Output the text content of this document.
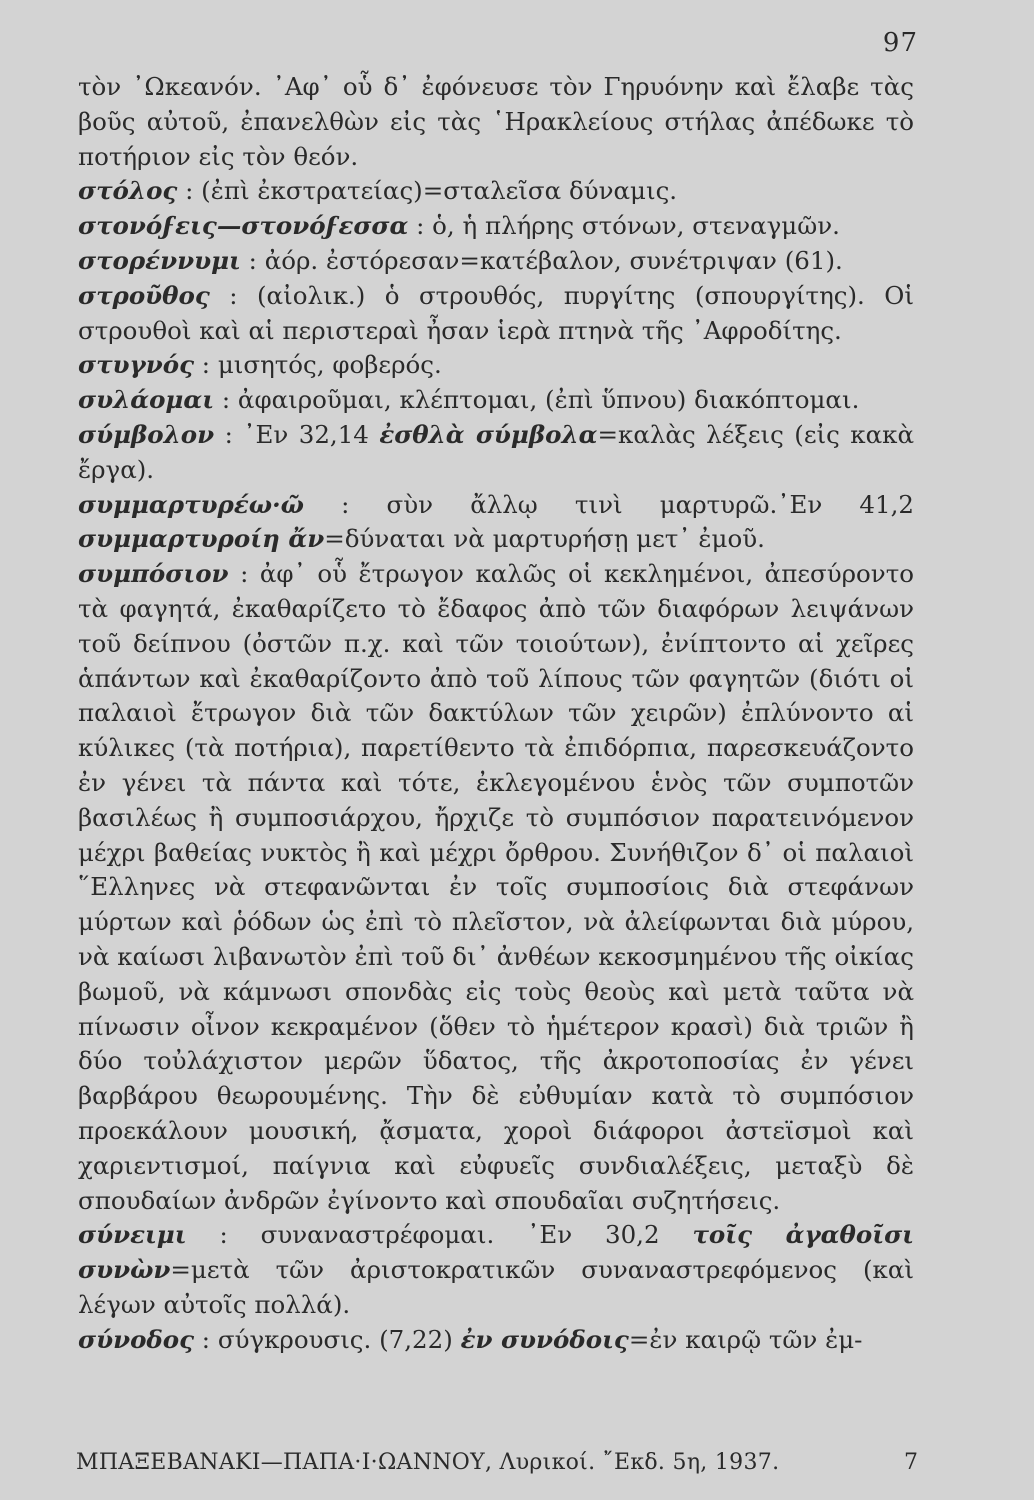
97

τὸν ᾿Ωκεανόν. ᾿Αφ᾿ οὗ δ᾿ ἐφόνευσε τὸν Γηρυόνην καὶ ἔλαβε τὰς βοῦς αὐτοῦ, ἐπανελθὼν εἰς τὰς ῾Ηρακλείους στήλας ἀπέδωκε τὸ ποτήριον εἰς τὸν θεόν.

στόλος : (ἐπὶ ἐκστρατείας)=σταλεῖσα δύναμις.

στονόϝεις—στονόϝεσσα : ὁ, ἡ πλήρης στόνων, στεναγμῶν.

στορέννυμι : ἀόρ. ἐστόρεσαν=κατέβαλον, συνέτριψαν (61).

στροῦθος : (αἰολικ.) ὁ στρουθός, πυργίτης (σπουργίτης). Οἱ στρουθοὶ καὶ αἱ περιστεραὶ ἦσαν ἱερὰ πτηνὰ τῆς ᾿Αφροδίτης.

στυγνός : μισητός, φοβερός.

συλάομαι : ἀφαιροῦμαι, κλέπτομαι, (ἐπὶ ὕπνου) διακόπτομαι.

σύμβολον : ᾿Εν 32,14 ἐσθλὰ σύμβολα=καλὰς λέξεις (εἰς κακὰ ἔργα).

συμμαρτυρέω·ῶ : σὺν ἄλλῳ τινὶ μαρτυρῶ.᾿Εν 41,2 συμμαρτυροίη ἄν=δύναται νὰ μαρτυρήσῃ μετ᾿ ἐμοῦ.

συμπόσιον : ἀφ᾿ οὗ ἔτρωγον καλῶς οἱ κεκλημένοι, ἀπεσύροντο τὰ φαγητά, ἐκαθαρίζετο τὸ ἔδαφος ἀπὸ τῶν διαφόρων λειψάνων τοῦ δείπνου (ὀστῶν π.χ. καὶ τῶν τοιούτων), ἐνίπτοντο αἱ χεῖρες ἁπάντων καὶ ἐκαθαρίζοντο ἀπὸ τοῦ λίπους τῶν φαγητῶν (διότι οἱ παλαιοὶ ἔτρωγον διὰ τῶν δακτύλων τῶν χειρῶν) ἐπλύνοντο αἱ κύλικες (τὰ ποτήρια), παρετίθεντο τὰ ἐπιδόρπια, παρεσκευάζοντο ἐν γένει τὰ πάντα καὶ τότε, ἐκλεγομένου ἑνὸς τῶν συμποτῶν βασιλέως ἢ συμποσιάρχου, ἤρχιζε τὸ συμπόσιον παρατεινόμενον μέχρι βαθείας νυκτὸς ἢ καὶ μέχρι ὄρθρου. Συνήθιζον δ᾿ οἱ παλαιοὶ ῞Ελληνες νὰ στεφανῶνται ἐν τοῖς συμποσίοις διὰ στεφάνων μύρτων καὶ ῥόδων ὡς ἐπὶ τὸ πλεῖστον, νὰ ἀλείφωνται διὰ μύρου, νὰ καίωσι λιβανωτὸν ἐπὶ τοῦ δι᾿ ἀνθέων κεκοσμημένου τῆς οἰκίας βωμοῦ, νὰ κάμνωσι σπονδὰς εἰς τοὺς θεοὺς καὶ μετὰ ταῦτα νὰ πίνωσιν οἶνον κεκραμένον (ὅθεν τὸ ἡμέτερον κρασὶ) διὰ τριῶν ἢ δύο τοὐλάχιστον μερῶν ὕδατος, τῆς ἀκροτοποσίας ἐν γένει βαρβάρου θεωρουμένης. Τὴν δὲ εὐθυμίαν κατὰ τὸ συμπόσιον προεκάλουν μουσική, ᾄσματα, χοροὶ διάφοροι ἀστεϊσμοὶ καὶ χαριεντισμοί, παίγνια καὶ εὐφυεῖς συνδιαλέξεις, μεταξὺ δὲ σπουδαίων ἀνδρῶν ἐγίνοντο καὶ σπουδαῖαι συζητήσεις.

σύνειμι : συναναστρέφομαι. ᾿Εν 30,2 τοῖς ἀγαθοῖσι συνὼν=μετὰ τῶν ἀριστοκρατικῶν συναναστρεφόμενος (καὶ λέγων αὐτοῖς πολλά).

σύνοδος : σύγκρουσις. (7,22) ἐν συνόδοις=ἐν καιρῷ τῶν ἐμ-

ΜΠΑΞΕΒΑΝΑΚΙ—ΠΑΠΑ·Ι·ΩΑΝΝΟΥ, Λυρικοί. ῎Εκδ. 5η, 1937.	7
